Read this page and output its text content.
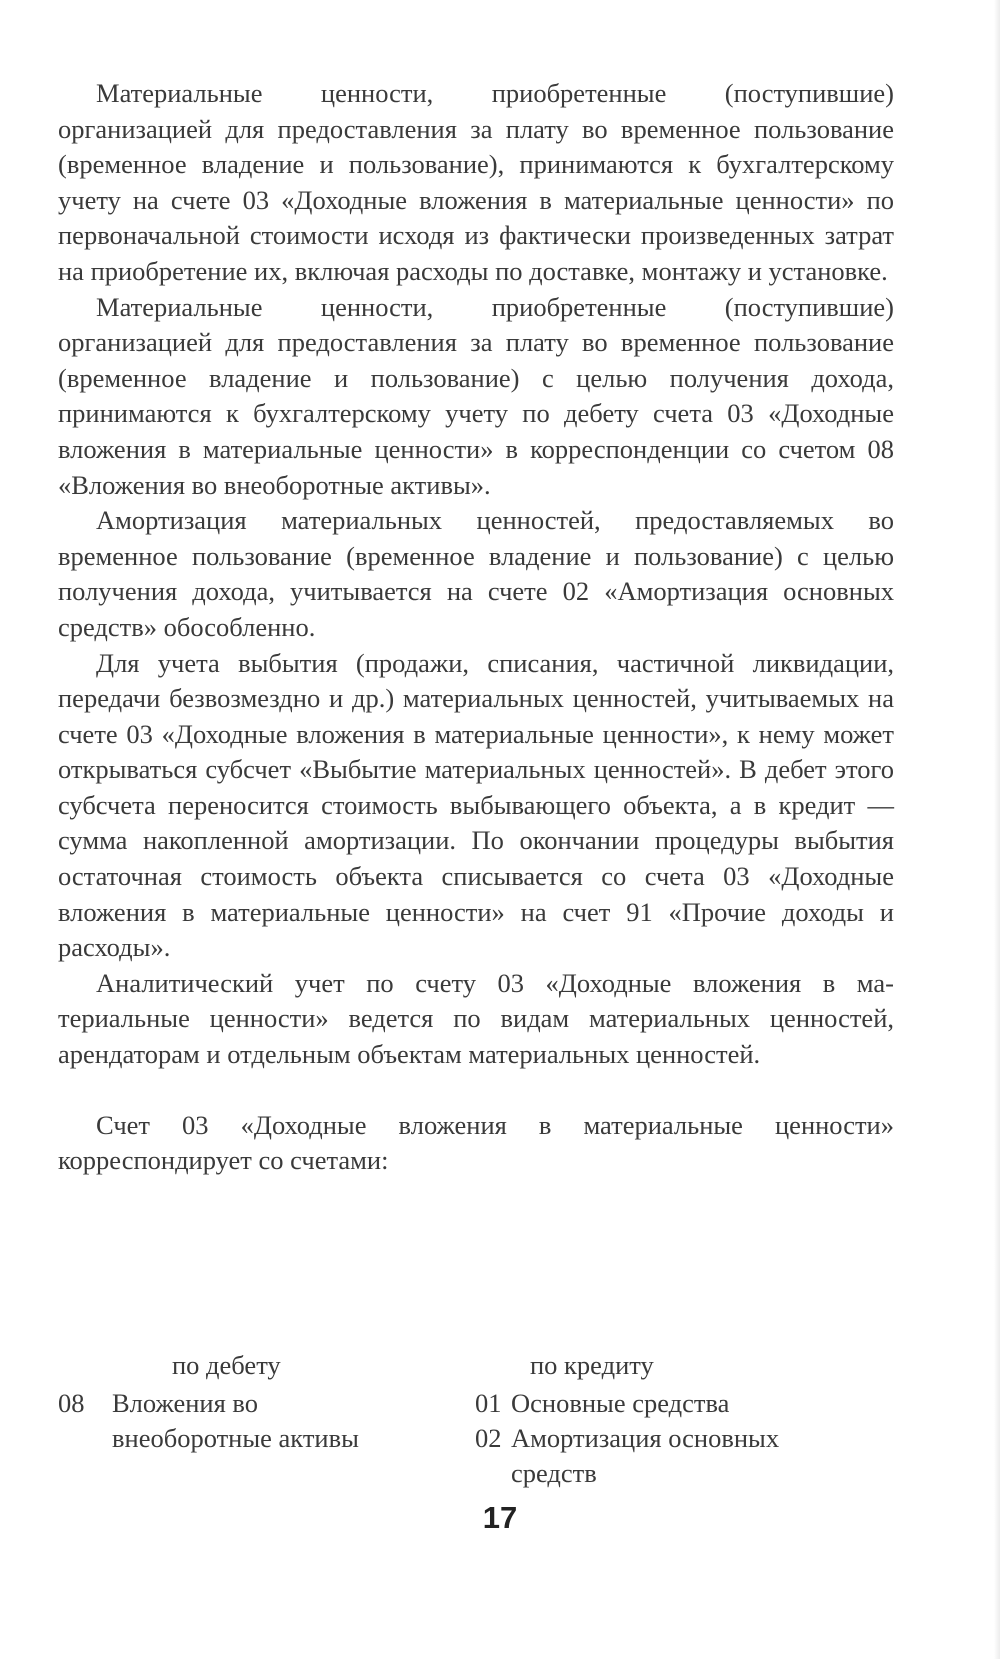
Материальные ценности, приобретенные (поступившие) организацией для предоставления за плату во временное пользование (временное владение и пользование), принимаются к бухгалтерскому учету на счете 03 «Доходные вложения в материальные ценности» по первоначальной стоимости исходя из фактически произведенных затрат на приобретение их, включая расходы по доставке, монтажу и установке.

Материальные ценности, приобретенные (поступившие) организацией для предоставления за плату во временное пользование (временное владение и пользование) с целью получения дохода, принимаются к бухгалтерскому учету по дебету счета 03 «Доходные вложения в материальные ценности» в корреспонденции со счетом 08 «Вложения во внеоборотные активы».

Амортизация материальных ценностей, предоставляемых во временное пользование (временное владение и пользование) с целью получения дохода, учитывается на счете 02 «Амортизация основных средств» обособленно.

Для учета выбытия (продажи, списания, частичной ликвидации, передачи безвозмездно и др.) материальных ценностей, учитываемых на счете 03 «Доходные вложения в материальные ценности», к нему может открываться субсчет «Выбытие материальных ценностей». В дебет этого субсчета переносится стоимость выбывающего объекта, а в кредит — сумма накопленной амортизации. По окончании процедуры выбытия остаточная стоимость объекта списывается со счета 03 «Доходные вложения в материальные ценности» на счет 91 «Прочие доходы и расходы».

Аналитический учет по счету 03 «Доходные вложения в материальные ценности» ведется по видам материальных ценностей, арендаторам и отдельным объектам материальных ценностей.

Счет 03 «Доходные вложения в материальные ценности» корреспондирует со счетами:

по дебету	по кредиту
08 Вложения во внеоборотные активы
01 Основные средства
02 Амортизация основных средств
17
